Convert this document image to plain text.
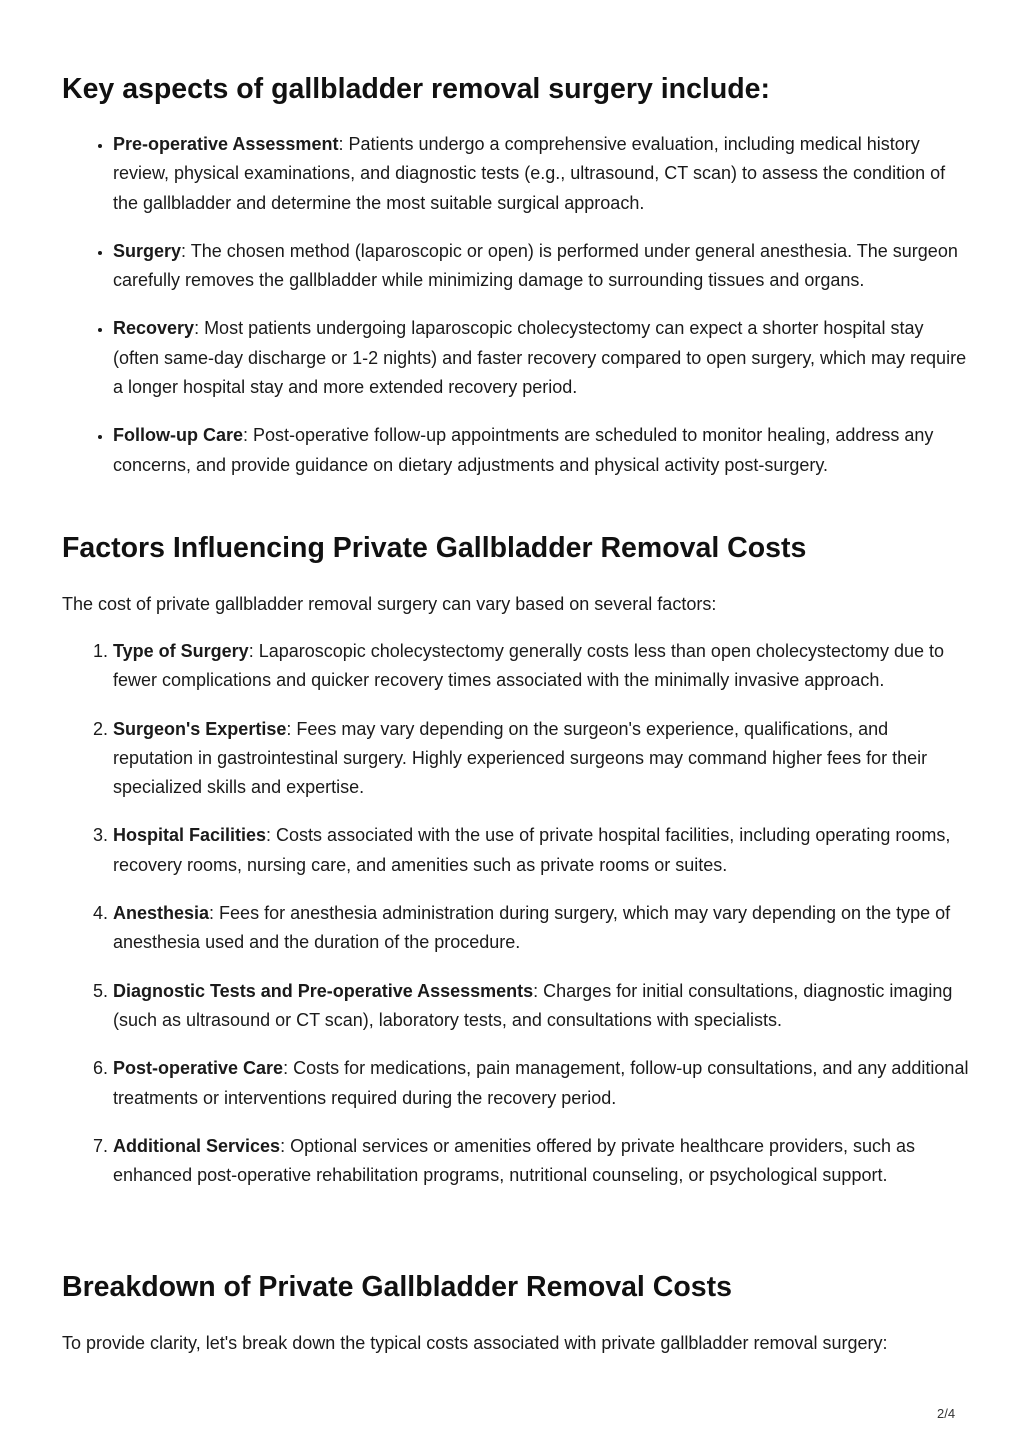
Key aspects of gallbladder removal surgery include:
• Pre-operative Assessment: Patients undergo a comprehensive evaluation, including medical history review, physical examinations, and diagnostic tests (e.g., ultrasound, CT scan) to assess the condition of the gallbladder and determine the most suitable surgical approach.
• Surgery: The chosen method (laparoscopic or open) is performed under general anesthesia. The surgeon carefully removes the gallbladder while minimizing damage to surrounding tissues and organs.
• Recovery: Most patients undergoing laparoscopic cholecystectomy can expect a shorter hospital stay (often same-day discharge or 1-2 nights) and faster recovery compared to open surgery, which may require a longer hospital stay and more extended recovery period.
• Follow-up Care: Post-operative follow-up appointments are scheduled to monitor healing, address any concerns, and provide guidance on dietary adjustments and physical activity post-surgery.
Factors Influencing Private Gallbladder Removal Costs

The cost of private gallbladder removal surgery can vary based on several factors:

1. Type of Surgery: Laparoscopic cholecystectomy generally costs less than open cholecystectomy due to fewer complications and quicker recovery times associated with the minimally invasive approach.
2. Surgeon's Expertise: Fees may vary depending on the surgeon's experience, qualifications, and reputation in gastrointestinal surgery. Highly experienced surgeons may command higher fees for their specialized skills and expertise.
3. Hospital Facilities: Costs associated with the use of private hospital facilities, including operating rooms, recovery rooms, nursing care, and amenities such as private rooms or suites.
4. Anesthesia: Fees for anesthesia administration during surgery, which may vary depending on the type of anesthesia used and the duration of the procedure.
5. Diagnostic Tests and Pre-operative Assessments: Charges for initial consultations, diagnostic imaging (such as ultrasound or CT scan), laboratory tests, and consultations with specialists.
6. Post-operative Care: Costs for medications, pain management, follow-up consultations, and any additional treatments or interventions required during the recovery period.
7. Additional Services: Optional services or amenities offered by private healthcare providers, such as enhanced post-operative rehabilitation programs, nutritional counseling, or psychological support.
Breakdown of Private Gallbladder Removal Costs

To provide clarity, let's break down the typical costs associated with private gallbladder removal surgery:

2/4
